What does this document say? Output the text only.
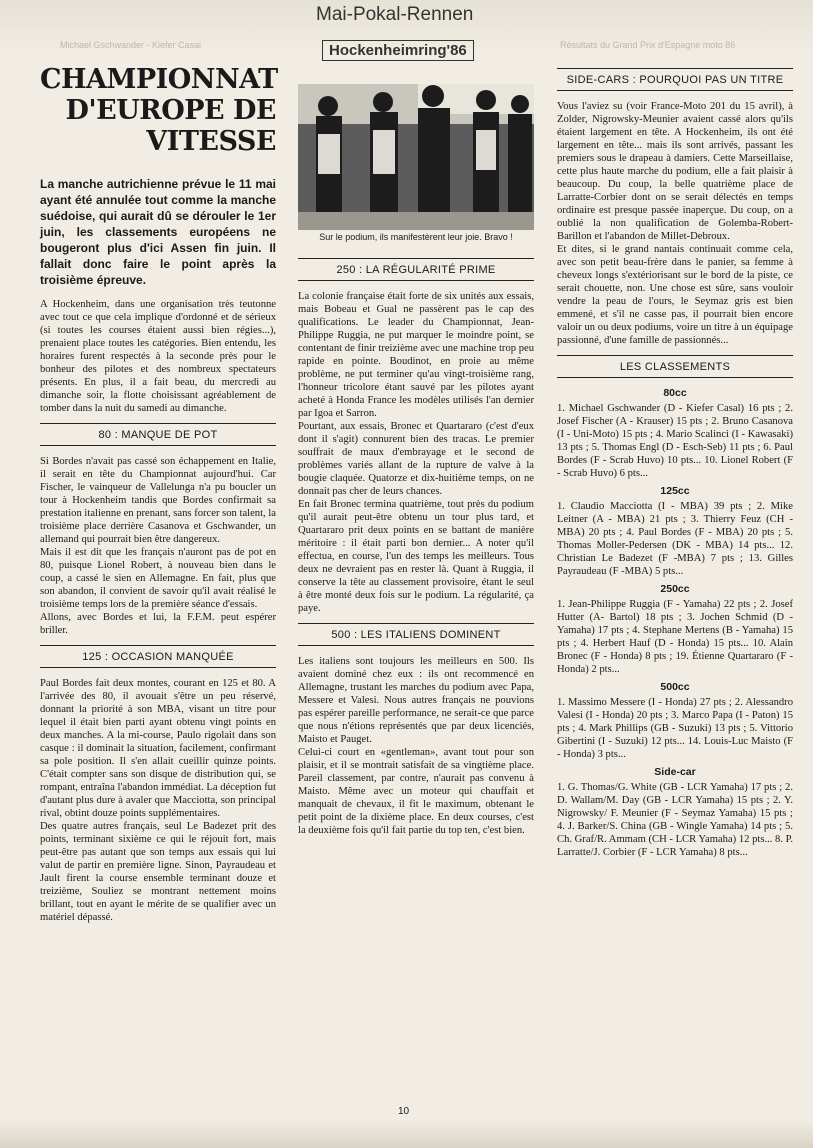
Michael Gschwander - Kiefer Casal	Résultats du Grand Prix d'Espagne moto 86
CHAMPIONNAT D'EUROPE DE VITESSE

La manche autrichienne prévue le 11 mai ayant été annulée tout comme la manche suédoise, qui aurait dû se dérouler le 1er juin, les classements européens ne bougeront plus d'ici Assen fin juin. Il fallait donc faire le point après la troisième épreuve.

A Hockenheim, dans une organisation très teutonne avec tout ce que cela implique d'ordonné et de sérieux (si toutes les courses étaient aussi bien régies...), prenaient place toutes les catégories. Bien entendu, les horaires furent respectés à la seconde près pour le bonheur des pilotes et des nombreux spectateurs présents. En plus, il a fait beau, du mercredi au dimanche soir, la flotte choisissant agréablement de tomber dans la nuit du samedi au dimanche.

80 : MANQUE DE POT

Si Bordes n'avait pas cassé son échappement en Italie, il serait en tête du Championnat aujourd'hui. Car Fischer, le vainqueur de Vallelunga n'a pu boucler un tour à Hockenheim tandis que Bordes confirmait sa prestation italienne en prenant, sans forcer son talent, la troisième place derrière Casanova et Gschwander, un allemand qui pourrait bien être dangereux.

Mais il est dit que les français n'auront pas de pot en 80, puisque Lionel Robert, à nouveau bien dans le coup, a cassé le sien en Allemagne. En fait, plus que son abandon, il convient de savoir qu'il avait réalisé le troisième temps lors de la première séance d'essais.

Allons, avec Bordes et lui, la F.F.M. peut espérer briller.

125 : OCCASION MANQUÉE

Paul Bordes fait deux montes, courant en 125 et 80. A l'arrivée des 80, il avouait s'être un peu réservé, donnant la priorité à son MBA, visant un titre pour lequel il était bien parti ayant obtenu vingt points en deux manches. A la mi-course, Paulo rigolait dans son casque : il dominait la situation, facilement, confirmant sa pole position. Il s'en allait cueillir quinze points. C'était compter sans son disque de distribution qui, se rompant, entraîna l'abandon immédiat. La déception fut d'autant plus dure à avaler que Macciotta, son principal rival, obtint douze points supplémentaires.

Des quatre autres français, seul Le Badezet prit des points, terminant sixième ce qui le réjouit fort, mais peut-être pas autant que son temps aux essais qui lui valut de partir en première ligne. Sinon, Payraudeau et Jault firent la course ensemble terminant douze et treizième, Souliez se montrant nettement moins brillant, tout en ayant le mérite de se qualifier avec un matériel dépassé.

Mai-Pokal-Rennen
Hockenheimring'86
Sur le podium, ils manifestèrent leur joie. Bravo !

250 : LA RÉGULARITÉ PRIME

La colonie française était forte de six unités aux essais, mais Bobeau et Gual ne passèrent pas le cap des qualifications. Le leader du Championnat, Jean-Philippe Ruggia, ne put marquer le moindre point, se contentant de finir treizième avec une machine trop peu rapide en pointe. Boudinot, en proie au même problème, ne put terminer qu'au vingt-troisième rang, l'honneur tricolore étant sauvé par les pilotes ayant acheté à Honda France les modèles utilisés l'an dernier par Igoa et Sarron.

Pourtant, aux essais, Bronec et Quartararo (c'est d'eux dont il s'agit) connurent bien des tracas. Le premier souffrait de maux d'embrayage et le second de problèmes variés allant de la rupture de valve à la bougie claquée. Quatorze et dix-huitième temps, on ne donnait pas cher de leurs chances.

En fait Bronec termina quatrième, tout près du podium qu'il aurait peut-être obtenu un tour plus tard, et Quartararo prit deux points en se battant de manière méritoire : il était parti bon dernier... A noter qu'il effectua, en course, l'un des temps les meilleurs. Tous deux ne devraient pas en rester là. Quant à Ruggia, il conserve la tête au classement provisoire, étant le seul à être monté deux fois sur le podium. La régularité, ça paye.

500 : LES ITALIENS DOMINENT

Les italiens sont toujours les meilleurs en 500. Ils avaient dominé chez eux : ils ont recommencé en Allemagne, trustant les marches du podium avec Papa, Messere et Valesi. Nous autres français ne pouvions pas espérer pareille performance, ne serait-ce que parce que nous n'étions représentés que par deux licenciés, Maisto et Pauget.

Celui-ci court en «gentleman», avant tout pour son plaisir, et il se montrait satisfait de sa vingtième place. Pareil classement, par contre, n'aurait pas convenu à Maisto. Même avec un moteur qui chauffait et manquait de chevaux, il fit le maximum, obtenant le petit point de la dixième place. En deux courses, c'est la deuxième fois qu'il fait partie du top ten, c'est bien.

SIDE-CARS : POURQUOI PAS UN TITRE

Vous l'aviez su (voir France-Moto 201 du 15 avril), à Zolder, Nigrowsky-Meunier avaient cassé alors qu'ils étaient largement en tête. A Hockenheim, ils ont été largement en tête... mais ils sont arrivés, passant les premiers sous le drapeau à damiers. Cette Marseillaise, cette plus haute marche du podium, elle a fait plaisir à beaucoup. Du coup, la belle quatrième place de Larratte-Corbier dont on se serait délectés en temps ordinaire est presque passée inaperçue. Du coup, on a oublié la non qualification de Golemba-Robert-Barillon et l'abandon de Millet-Debroux.

Et dites, si le grand nantais continuait comme cela, avec son petit beau-frère dans le panier, sa femme à cheveux longs s'extériorisant sur le bord de la piste, ce serait chouette, non. Une chose est sûre, sans vouloir vendre la peau de l'ours, le Seymaz gris est bien emmené, et s'il ne casse pas, il pourrait bien encore valoir un ou deux podiums, voire un titre à un équipage passionné, d'une famille de passionnés...

LES CLASSEMENTS
80cc

1. Michael Gschwander (D - Kiefer Casal) 16 pts ; 2. Josef Fischer (A - Krauser) 15 pts ; 2. Bruno Casanova (I - Uni-Moto) 15 pts ; 4. Mario Scalinci (I - Kawasaki) 13 pts ; 5. Thomas Engl (D - Esch-Seb) 11 pts ; 6. Paul Bordes (F - Scrab Huvo) 10 pts... 10. Lionel Robert (F - Scrab Huvo) 6 pts...

125cc

1. Claudio Macciotta (I - MBA) 39 pts ; 2. Mike Leitner (A - MBA) 21 pts ; 3. Thierry Feuz (CH - MBA) 20 pts ; 4. Paul Bordes (F - MBA) 20 pts ; 5. Thomas Moller-Pedersen (DK - MBA) 14 pts... 12. Christian Le Badezet (F -MBA) 7 pts ; 13. Gilles Payraudeau (F -MBA) 5 pts...

250cc

1. Jean-Philippe Ruggia (F - Yamaha) 22 pts ; 2. Josef Hutter (A- Bartol) 18 pts ; 3. Jochen Schmid (D - Yamaha) 17 pts ; 4. Stephane Mertens (B - Yamaha) 15 pts ; 4. Herbert Hauf (D - Honda) 15 pts... 10. Alain Bronec (F - Honda) 8 pts ; 19. Étienne Quartararo (F - Honda) 2 pts...

500cc

1. Massimo Messere (I - Honda) 27 pts ; 2. Alessandro Valesi (I - Honda) 20 pts ; 3. Marco Papa (I - Paton) 15 pts ; 4. Mark Phillips (GB - Suzuki) 13 pts ; 5. Vittorio Gibertini (I - Suzuki) 12 pts... 14. Louis-Luc Maisto (F - Honda) 3 pts...

Side-car

1. G. Thomas/G. White (GB - LCR Yamaha) 17 pts ; 2. D. Wallam/M. Day (GB - LCR Yamaha) 15 pts ; 2. Y. Nigrowsky/ F. Meunier (F - Seymaz Yamaha) 15 pts ; 4. J. Barker/S. China (GB - Wingle Yamaha) 14 pts ; 5. Ch. Graf/R. Ammam (CH - LCR Yamaha) 12 pts... 8. P. Larratte/J. Corbier (F - LCR Yamaha) 8 pts...

10
